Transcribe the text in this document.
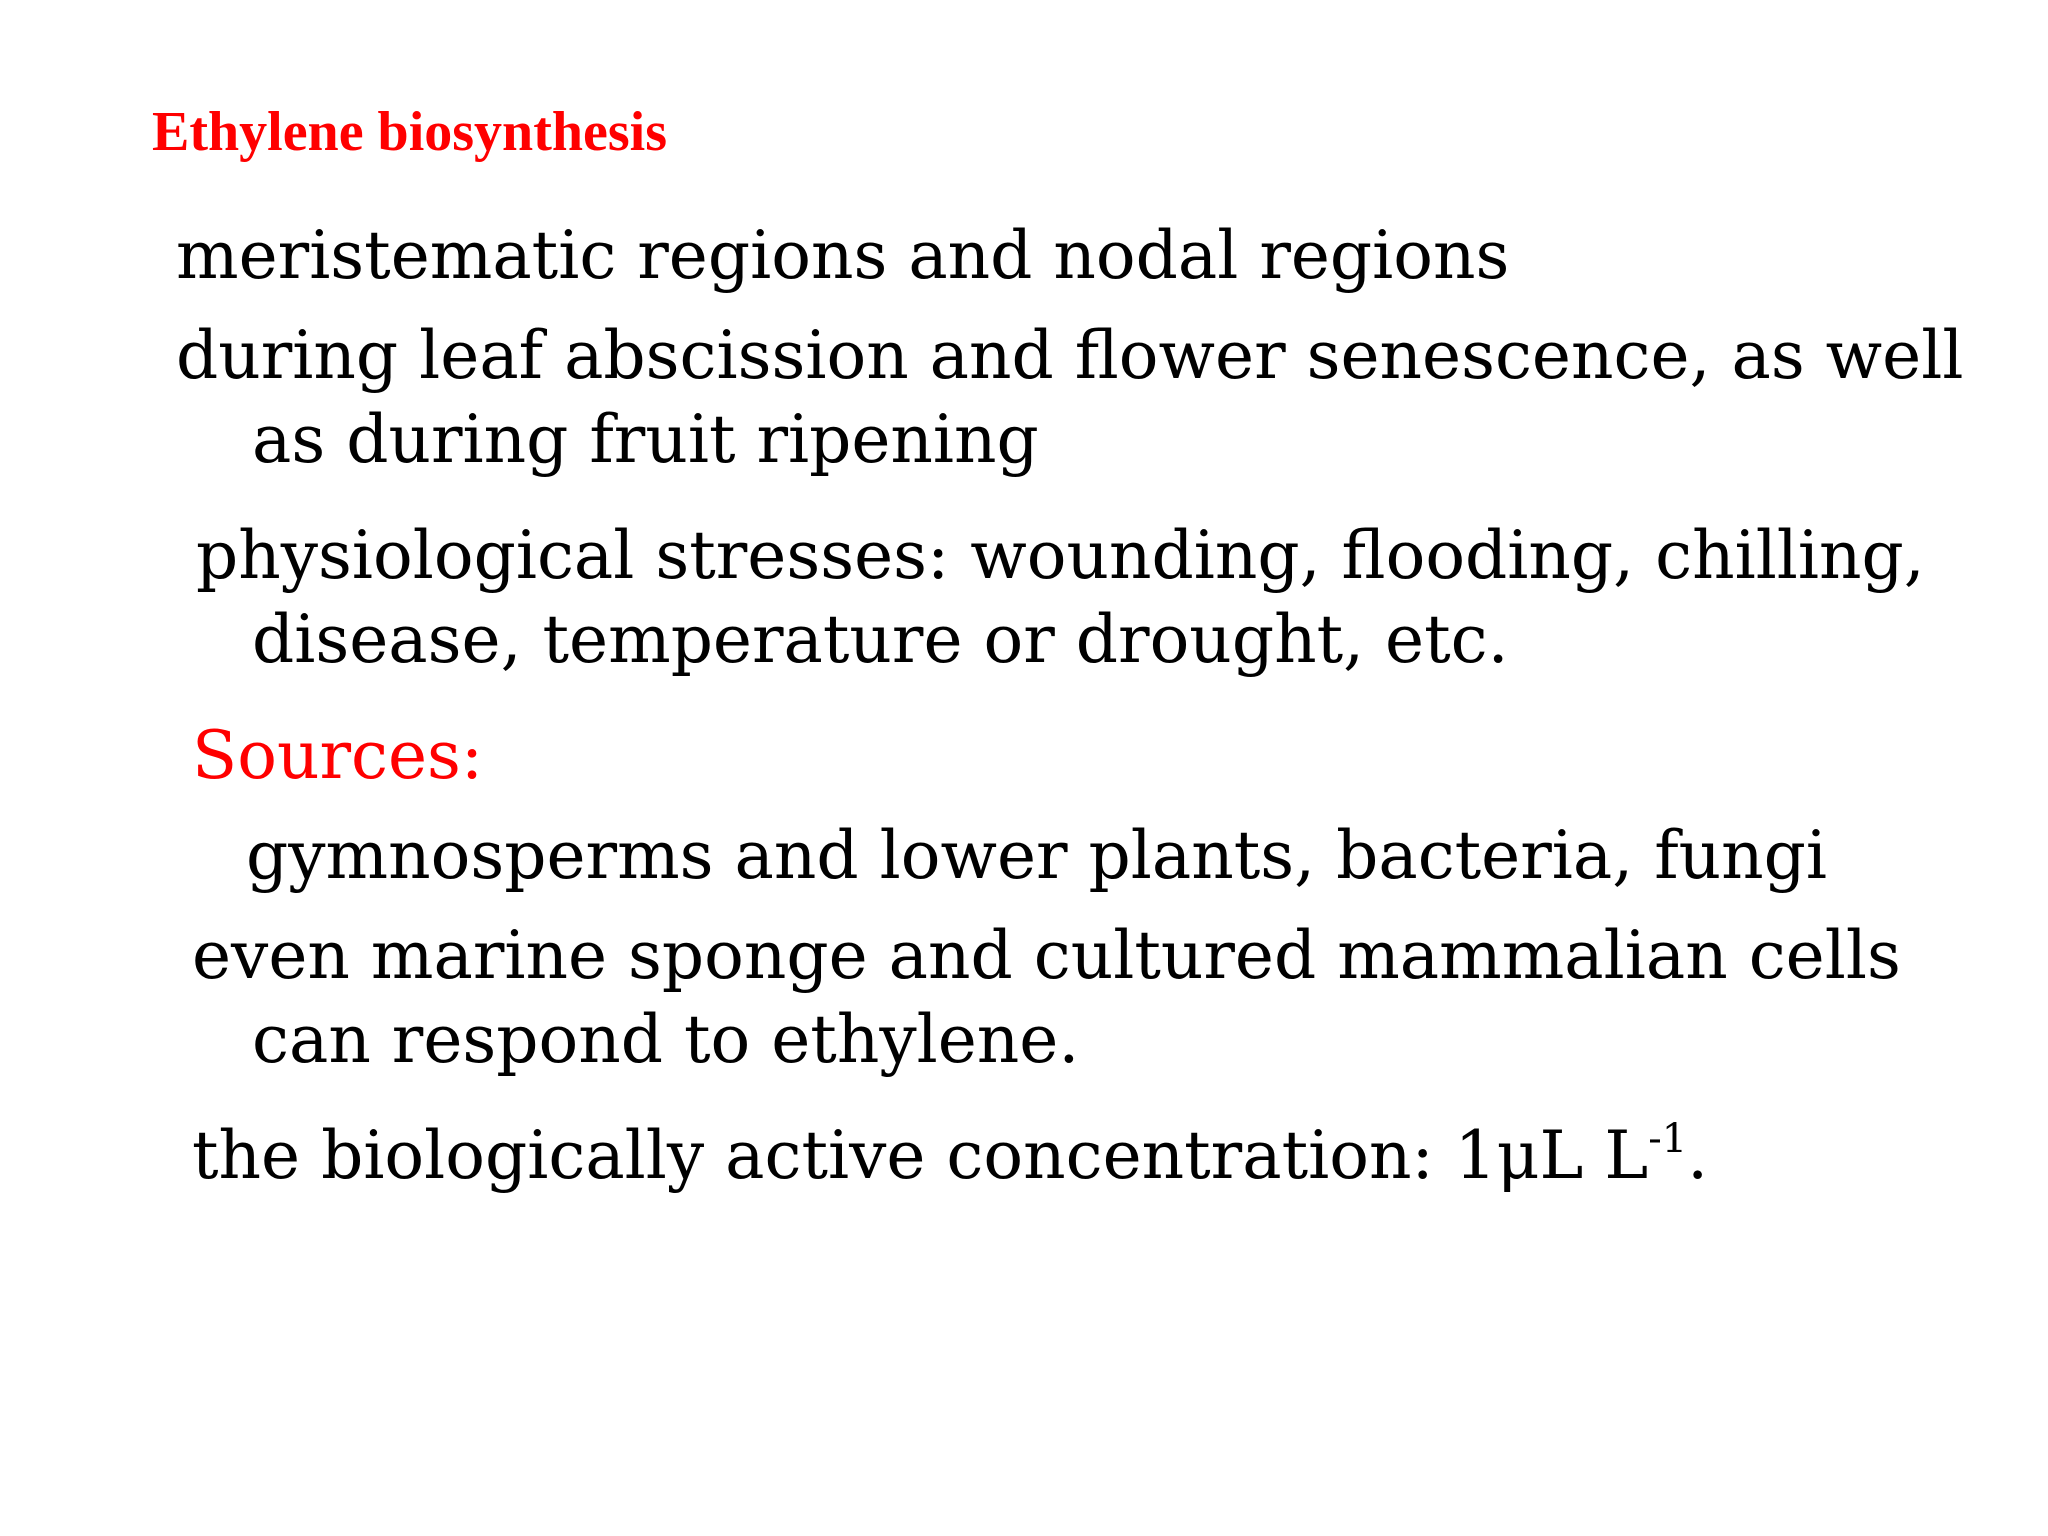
Ethylene biosynthesis

meristematic regions and nodal regions

during leaf abscission and flower senescence, as well
as during fruit ripening

physiological stresses: wounding, flooding, chilling,
disease, temperature or drought, etc.

Sources:

gymnosperms and lower plants, bacteria, fungi

even marine sponge and cultured mammalian cells
can respond to ethylene.

the biologically active concentration: 1μL $L^{-1}$.
